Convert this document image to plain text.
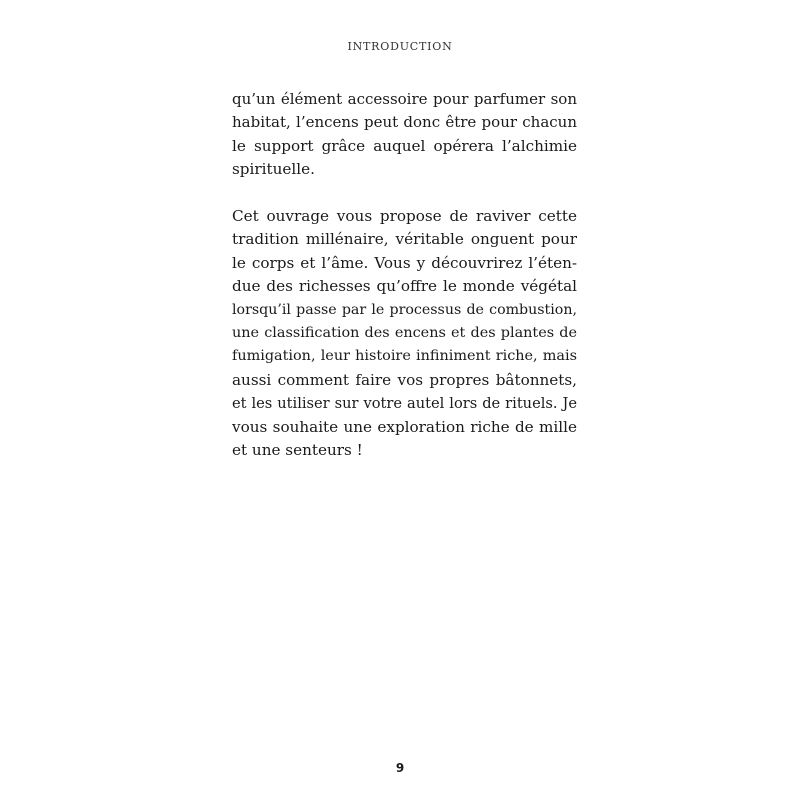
INTRODUCTION

qu’un élément accessoire pour parfumer son
habitat, l’encens peut donc être pour chacun
le support grâce auquel opérera l’alchimie
spirituelle.

Cet ouvrage vous propose de raviver cette
tradition millénaire, véritable onguent pour
le corps et l’âme. Vous y découvrirez l’éten-
due des richesses qu’offre le monde végétal
lorsqu’il passe par le processus de combustion,
une classification des encens et des plantes de
fumigation, leur histoire infiniment riche, mais
aussi comment faire vos propres bâtonnets,
et les utiliser sur votre autel lors de rituels. Je
vous souhaite une exploration riche de mille
et une senteurs !

9
